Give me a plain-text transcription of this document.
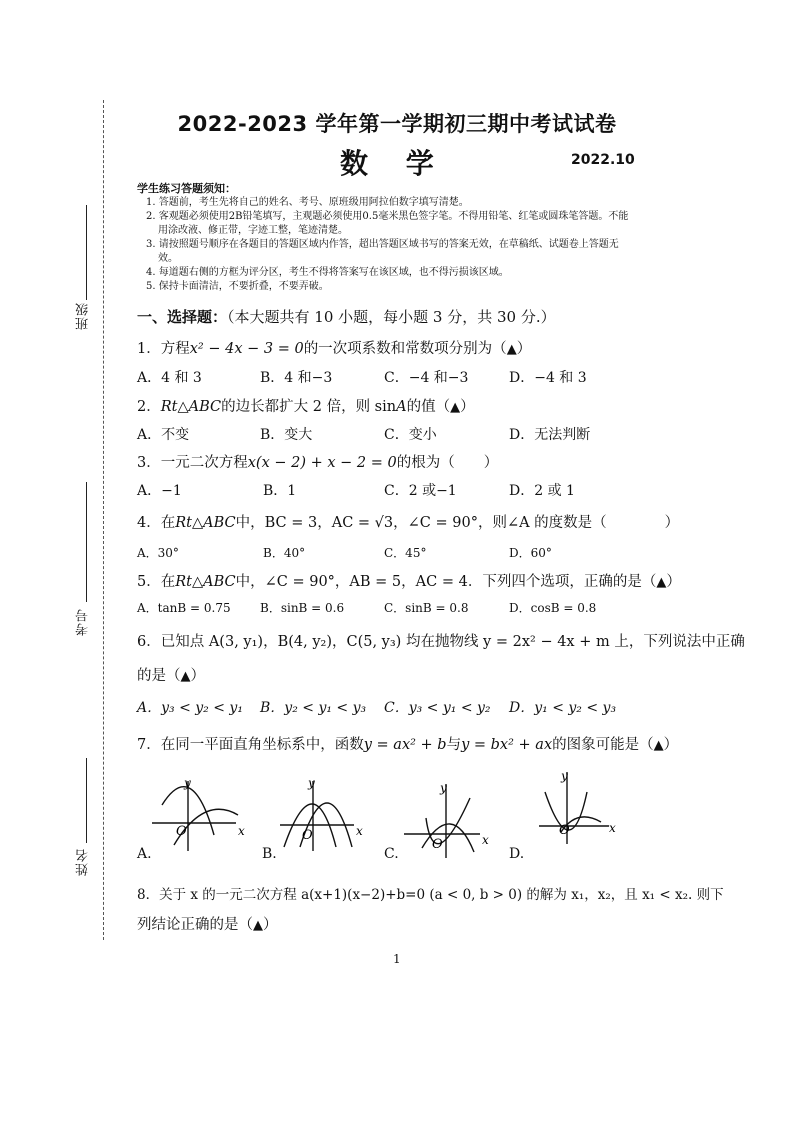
班级
考号
姓名
2022-2023 学年第一学期初三期中考试试卷
数 学	2022.10
学生练习答题须知：
1. 答题前，考生先将自己的姓名、考号、原班级用阿拉伯数字填写清楚。
2. 客观题必须使用2B铅笔填写，主观题必须使用0.5毫米黑色签字笔。不得用铅笔、红笔或圆珠笔答题。不能
用涂改液、修正带，字迹工整，笔迹清楚。
3. 请按照题号顺序在各题目的答题区域内作答，超出答题区域书写的答案无效，在草稿纸、试题卷上答题无
效。
4. 每道题右侧的方框为评分区，考生不得将答案写在该区域，也不得污损该区域。
5. 保持卡面清洁，不要折叠，不要弄破。
一、选择题：（本大题共有 10 小题，每小题 3 分，共 30 分.）
1．方程x² − 4x − 3 = 0的一次项系数和常数项分别为（▲）
A．4 和 3	B．4 和−3	C．−4 和−3	D．−4 和 3
2．Rt△ABC的边长都扩大 2 倍，则 sinA的值（▲）
A．不变	B．变大	C．变小	D．无法判断
3．一元二次方程x(x − 2) + x − 2 = 0的根为（　　）
A．−1	B．1	C．2 或−1	D．2 或 1
4．在Rt△ABC中，BC = 3，AC = √3，∠C = 90°，则∠A 的度数是（　　　　）
A．30°	B．40°	C．45°	D．60°
5．在Rt△ABC中，∠C = 90°，AB = 5，AC = 4．下列四个选项，正确的是（▲）
A．tanB = 0.75 B．sinB = 0.6	C．sinB = 0.8	D．cosB = 0.8
6．已知点 A(3, y₁)，B(4, y₂)，C(5, y₃) 均在抛物线 y = 2x² − 4x + m 上，下列说法中正确
的是（▲）
A．y₃ < y₂ < y₁ B．y₂ < y₁ < y₃ C．y₃ < y₁ < y₂ D．y₁ < y₂ < y₃
7．在同一平面直角坐标系中，函数y = ax² + b与y = bx² + ax的图象可能是（▲）
x
y
O
A.
x
y
O
B.
x
y
O
C.
x
y
O
D.
8．关于 x 的一元二次方程 a(x+1)(x−2)+b=0 (a < 0, b > 0) 的解为 x₁，x₂，且 x₁ < x₂. 则下
列结论正确的是（▲）
1
